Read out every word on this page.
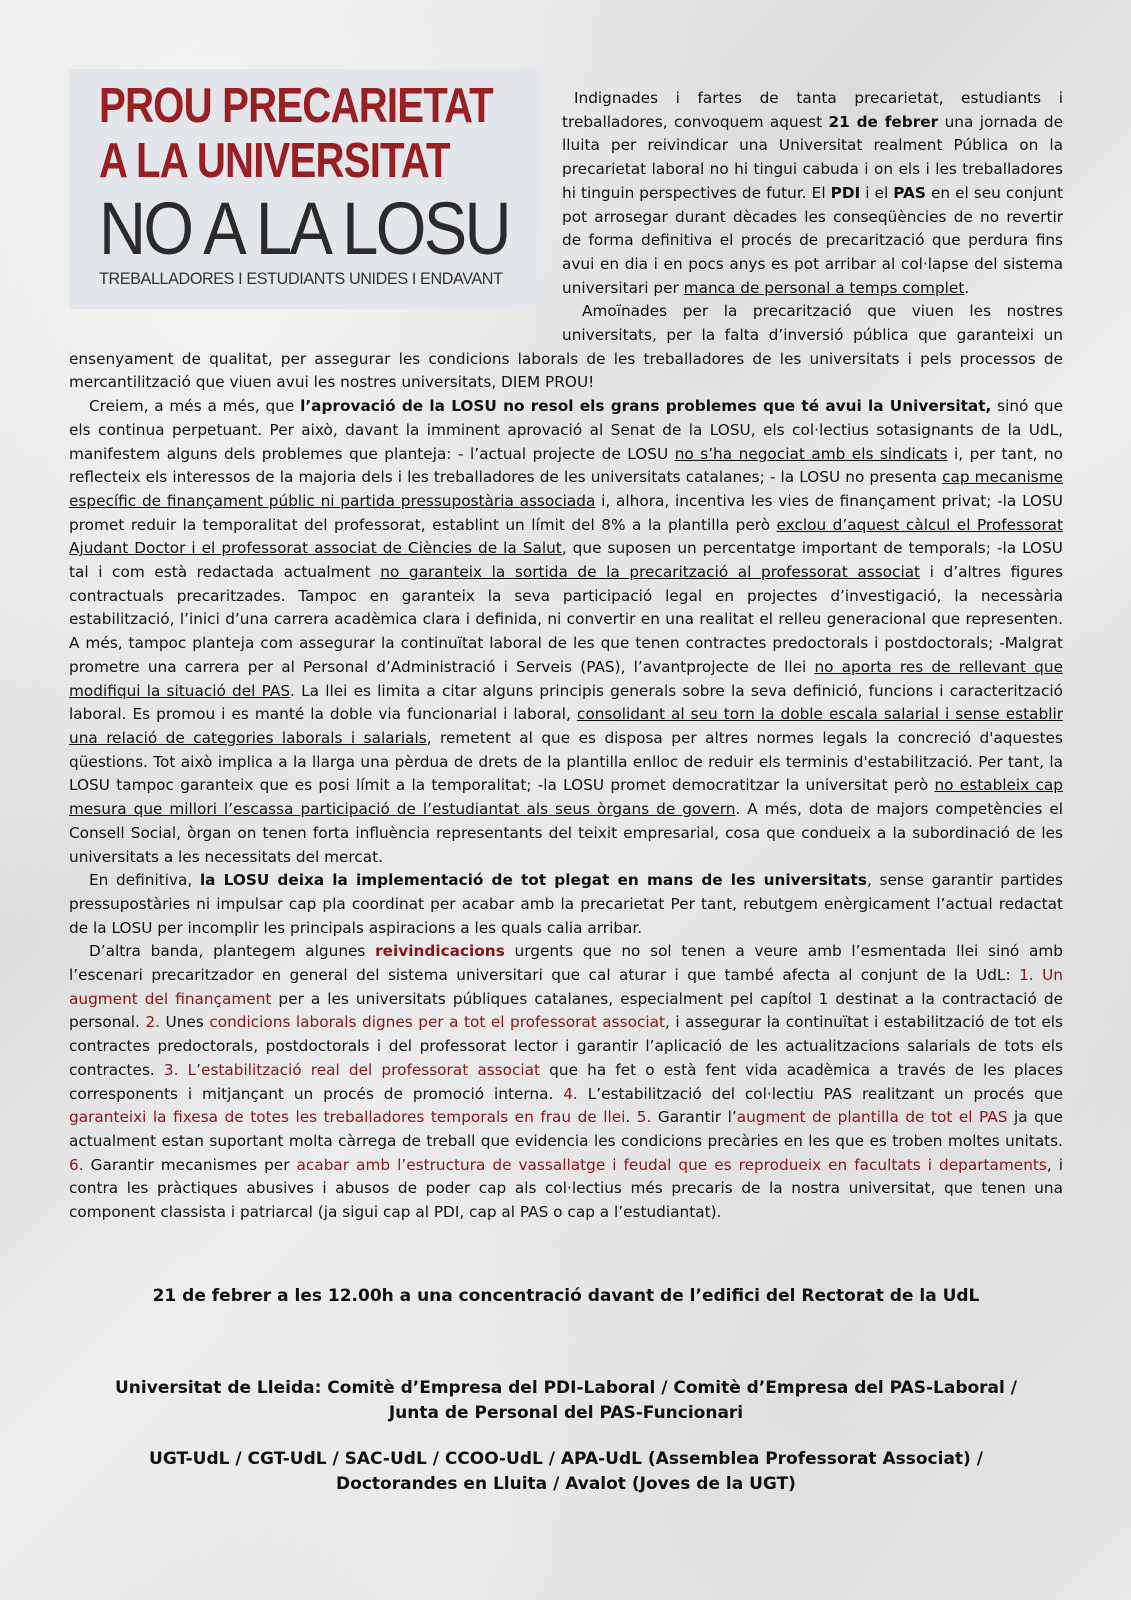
PROU PRECARIETAT
A LA UNIVERSITAT
NO A LA LOSU
TREBALLADORES I ESTUDIANTS UNIDES I ENDAVANT

Indignades i fartes de tanta precarietat, estudiants i treballadores, convoquem aquest 21 de febrer una jornada de lluita per reivindicar una Universitat realment Pública on la precarietat laboral no hi tingui cabuda i on els i les treballadores hi tinguin perspectives de futur. El PDI i el PAS en el seu conjunt pot arrosegar durant dècades les conseqüències de no revertir de forma definitiva el procés de precarització que perdura fins avui en dia i en pocs anys es pot arribar al col·lapse del sistema universitari per manca de personal a temps complet.

Amoïnades per la precarització que viuen les nostres universitats, per la falta d’inversió pública que garanteixi un ensenyament de qualitat, per assegurar les condicions laborals de les treballadores de les universitats i pels processos de mercantilització que viuen avui les nostres universitats, DIEM PROU!

Creiem, a més a més, que l’aprovació de la LOSU no resol els grans problemes que té avui la Universitat, sinó que els continua perpetuant. Per això, davant la imminent aprovació al Senat de la LOSU, els col·lectius sotasignants de la UdL, manifestem alguns dels problemes que planteja: - l’actual projecte de LOSU no s’ha negociat amb els sindicats i, per tant, no reflecteix els interessos de la majoria dels i les treballadores de les universitats catalanes; - la LOSU no presenta cap mecanisme específic de finançament públic ni partida pressupostària associada i, alhora, incentiva les vies de finançament privat; -la LOSU promet reduir la temporalitat del professorat, establint un límit del 8% a la plantilla però exclou d’aquest càlcul el Professorat Ajudant Doctor i el professorat associat de Ciències de la Salut, que suposen un percentatge important de temporals; -la LOSU tal i com està redactada actualment no garanteix la sortida de la precarització al professorat associat i d’altres figures contractuals precaritzades. Tampoc en garanteix la seva participació legal en projectes d’investigació, la necessària estabilització, l’inici d’una carrera acadèmica clara i definida, ni convertir en una realitat el relleu generacional que representen. A més, tampoc planteja com assegurar la continuïtat laboral de les que tenen contractes predoctorals i postdoctorals; -Malgrat prometre una carrera per al Personal d’Administració i Serveis (PAS), l’avantprojecte de llei no aporta res de rellevant que modifiqui la situació del PAS. La llei es limita a citar alguns principis generals sobre la seva definició, funcions i caracterització laboral. Es promou i es manté la doble via funcionarial i laboral, consolidant al seu torn la doble escala salarial i sense establir una relació de categories laborals i salarials, remetent al que es disposa per altres normes legals la concreció d'aquestes qüestions. Tot això implica a la llarga una pèrdua de drets de la plantilla enlloc de reduir els terminis d'estabilització. Per tant, la LOSU tampoc garanteix que es posi límit a la temporalitat; -la LOSU promet democratitzar la universitat però no estableix cap mesura que millori l’escassa participació de l’estudiantat als seus òrgans de govern. A més, dota de majors competències el Consell Social, òrgan on tenen forta influència representants del teixit empresarial, cosa que condueix a la subordinació de les universitats a les necessitats del mercat.

En definitiva, la LOSU deixa la implementació de tot plegat en mans de les universitats, sense garantir partides pressupostàries ni impulsar cap pla coordinat per acabar amb la precarietat Per tant, rebutgem enèrgicament l’actual redactat de la LOSU per incomplir les principals aspiracions a les quals calia arribar.

D’altra banda, plantegem algunes reivindicacions urgents que no sol tenen a veure amb l’esmentada llei sinó amb l’escenari precaritzador en general del sistema universitari que cal aturar i que també afecta al conjunt de la UdL: 1. Un augment del finançament per a les universitats públiques catalanes, especialment pel capítol 1 destinat a la contractació de personal. 2. Unes condicions laborals dignes per a tot el professorat associat, i assegurar la continuïtat i estabilització de tot els contractes predoctorals, postdoctorals i del professorat lector i garantir l’aplicació de les actualitzacions salarials de tots els contractes. 3. L’estabilització real del professorat associat que ha fet o està fent vida acadèmica a través de les places corresponents i mitjançant un procés de promoció interna. 4. L’estabilització del col·lectiu PAS realitzant un procés que garanteixi la fixesa de totes les treballadores temporals en frau de llei. 5. Garantir l’augment de plantilla de tot el PAS ja que actualment estan suportant molta càrrega de treball que evidencia les condicions precàries en les que es troben moltes unitats. 6. Garantir mecanismes per acabar amb l’estructura de vassallatge i feudal que es reprodueix en facultats i departaments, i contra les pràctiques abusives i abusos de poder cap als col·lectius més precaris de la nostra universitat, que tenen una component classista i patriarcal (ja sigui cap al PDI, cap al PAS o cap a l’estudiantat).

21 de febrer a les 12.00h a una concentració davant de l’edifici del Rectorat de la UdL
Universitat de Lleida: Comitè d’Empresa del PDI-Laboral / Comitè d’Empresa del PAS-Laboral /
Junta de Personal del PAS-Funcionari
UGT-UdL / CGT-UdL / SAC-UdL / CCOO-UdL / APA-UdL (Assemblea Professorat Associat) /
Doctorandes en Lluita / Avalot (Joves de la UGT)
